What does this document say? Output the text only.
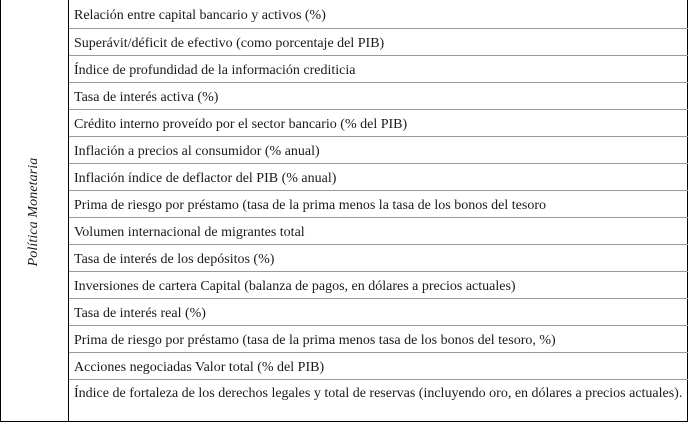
Política Monetaria
Relación entre capital bancario y activos (%)
Superávit/déficit de efectivo (como porcentaje del PIB)
Índice de profundidad de la información crediticia
Tasa de interés activa (%)
Crédito interno proveído por el sector bancario (% del PIB)
Inflación a precios al consumidor (% anual)
Inflación índice de deflactor del PIB (% anual)
Prima de riesgo por préstamo (tasa de la prima menos la tasa de los bonos del tesoro
Volumen internacional de migrantes total
Tasa de interés de los depósitos (%)
Inversiones de cartera Capital (balanza de pagos, en dólares a precios actuales)
Tasa de interés real (%)
Prima de riesgo por préstamo (tasa de la prima menos tasa de los bonos del tesoro, %)
Acciones negociadas Valor total (% del PIB)
Índice de fortaleza de los derechos legales y total de reservas (incluyendo oro, en dólares a precios actuales).
